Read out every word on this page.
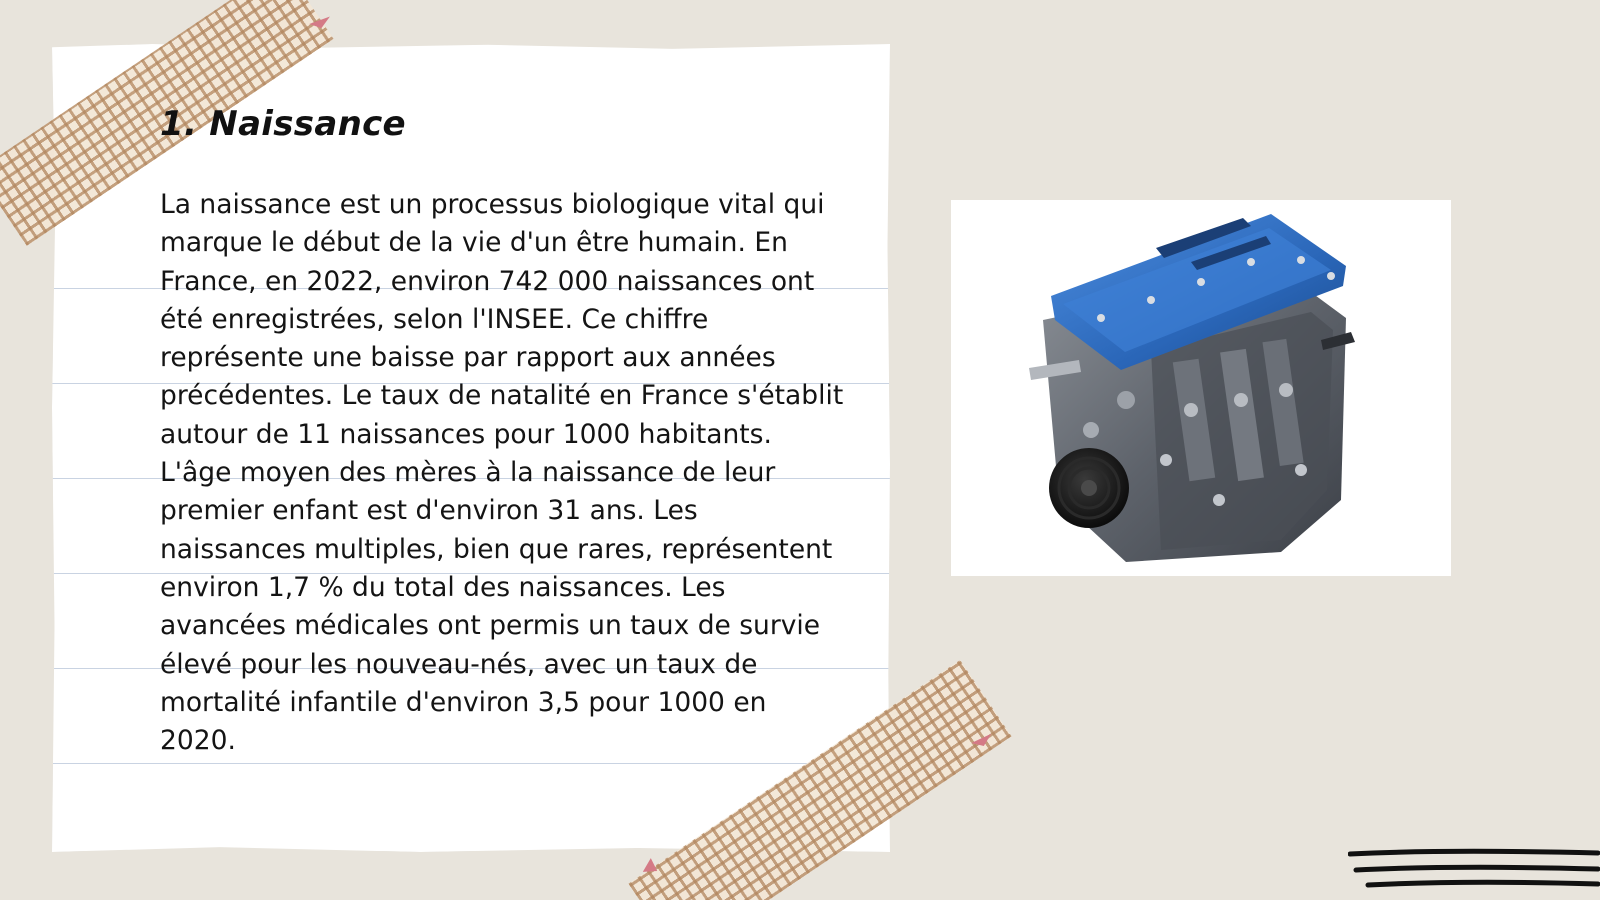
1. Naissance

La naissance est un processus biologique vital qui marque le début de la vie d'un être humain. En France, en 2022, environ 742 000 naissances ont été enregistrées, selon l'INSEE. Ce chiffre représente une baisse par rapport aux années précédentes. Le taux de natalité en France s'établit autour de 11 naissances pour 1000 habitants. L'âge moyen des mères à la naissance de leur premier enfant est d'environ 31 ans. Les naissances multiples, bien que rares, représentent environ 1,7 % du total des naissances. Les avancées médicales ont permis un taux de survie élevé pour les nouveau-nés, avec un taux de mortalité infantile d'environ 3,5 pour 1000 en 2020.
